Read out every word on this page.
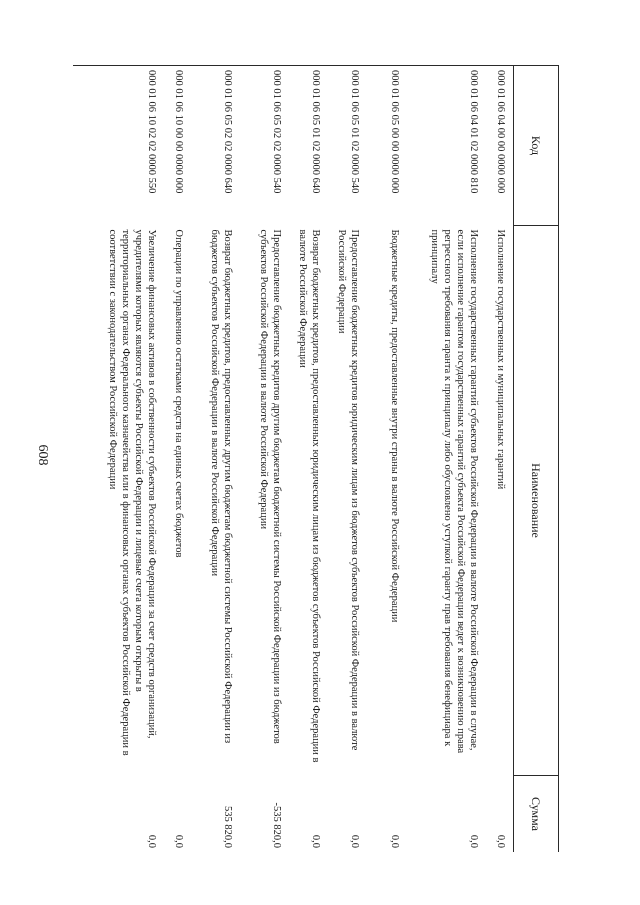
608
Код	Наименование	Сумма
000 01 06 04 00 00 0000 000	Исполнение государственных и муниципальных гарантий	0,0
000 01 06 04 01 02 0000 810	Исполнение государственных гарантий субъектов Российской Федерации в валюте Российской Федерации в случае, если исполнение гарантом государственных гарантий субъекта Российской Федерации ведет к возникновению права регрессного требования гаранта к принципалу либо обусловлено уступкой гаранту прав требования бенефициара к принципалу	0,0
000 01 06 05 00 00 0000 000	Бюджетные кредиты, предоставленные внутри страны в валюте Российской Федерации	0,0
000 01 06 05 01 02 0000 540	Предоставление бюджетных кредитов юридическим лицам из бюджетов субъектов Российской Федерации в валюте Российской Федерации	0,0
000 01 06 05 01 02 0000 640	Возврат бюджетных кредитов, предоставленных юридическим лицам из бюджетов субъектов Российской Федерации в валюте Российской Федерации	0,0
000 01 06 05 02 02 0000 540	Предоставление бюджетных кредитов другим бюджетам бюджетной системы Российской Федерации из бюджетов субъектов Российской Федерации в валюте Российской Федерации	-535 820,0
000 01 06 05 02 02 0000 640	Возврат бюджетных кредитов, предоставленных другим бюджетам бюджетной системы Российской Федерации из бюджетов субъектов Российской Федерации в валюте Российской Федерации	535 820,0
000 01 06 10 00 00 0000 000	Операции по управлению остатками средств на единых счетах бюджетов	0,0
000 01 06 10 02 02 0000 550	Увеличение финансовых активов в собственности субъектов Российской Федерации за счет средств организаций, учредителями которых являются субъекты Российской Федерации и лицевые счета которым открыты в территориальных органах Федерального казначейства или в финансовых органах субъектов Российской Федерации в соответствии с законодательством Российской Федерации	0,0
